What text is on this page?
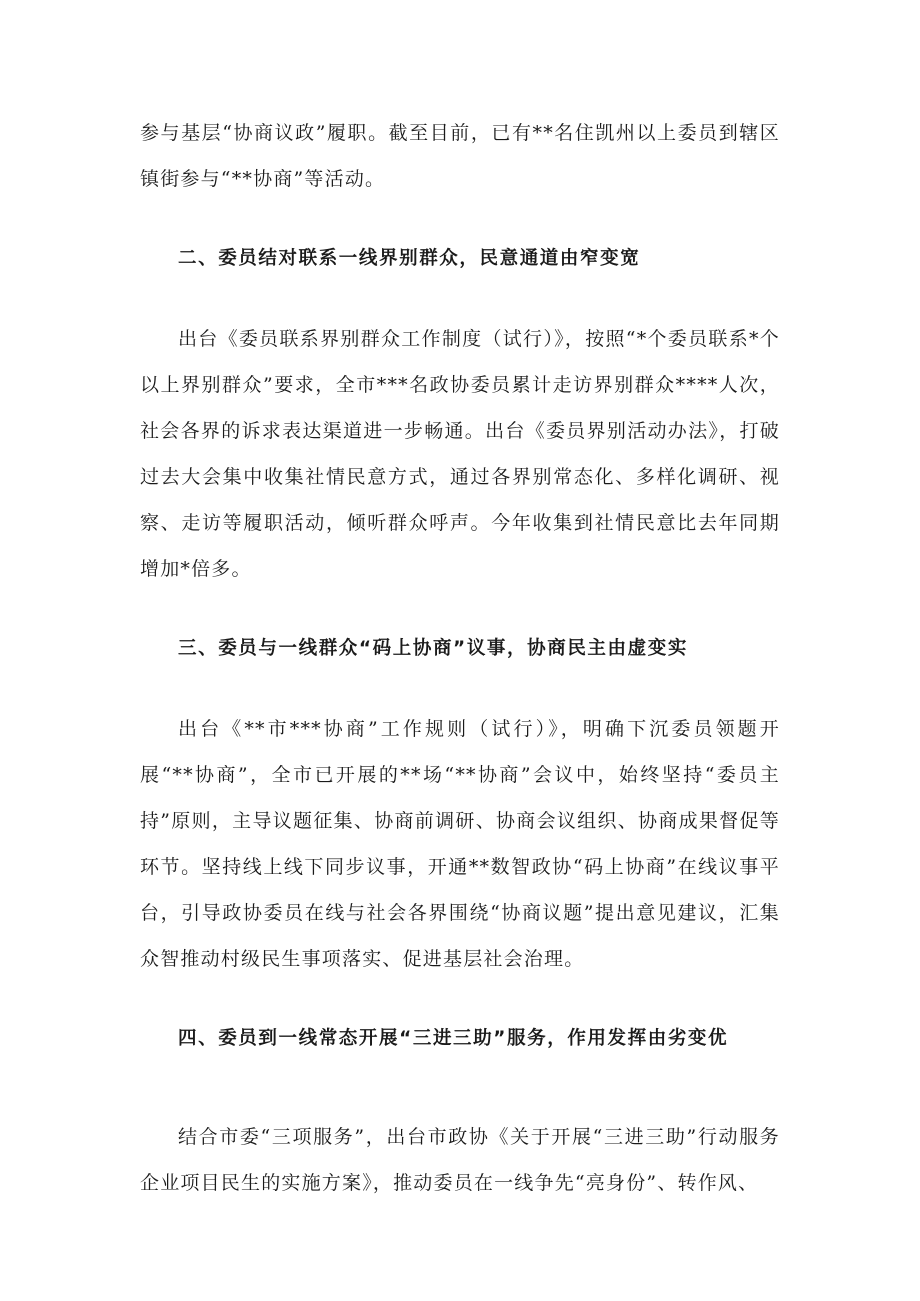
参与基层“协商议政”履职。截至目前，已有**名住凯州以上委员到辖区镇街参与“**协商”等活动。

二、委员结对联系一线界别群众，民意通道由窄变宽

出台《委员联系界别群众工作制度（试行）》，按照“*个委员联系*个以上界别群众”要求，全市***名政协委员累计走访界别群众****人次，社会各界的诉求表达渠道进一步畅通。出台《委员界别活动办法》，打破过去大会集中收集社情民意方式，通过各界别常态化、多样化调研、视察、走访等履职活动，倾听群众呼声。今年收集到社情民意比去年同期增加*倍多。

三、委员与一线群众“码上协商”议事，协商民主由虚变实

出台《**市***协商”工作规则（试行）》，明确下沉委员领题开展“**协商”，全市已开展的**场“**协商”会议中，始终坚持“委员主持”原则，主导议题征集、协商前调研、协商会议组织、协商成果督促等环节。坚持线上线下同步议事，开通**数智政协“码上协商”在线议事平台，引导政协委员在线与社会各界围绕“协商议题”提出意见建议，汇集众智推动村级民生事项落实、促进基层社会治理。

四、委员到一线常态开展“三进三助”服务，作用发挥由劣变优

结合市委“三项服务”，出台市政协《关于开展“三进三助”行动服务企业项目民生的实施方案》，推动委员在一线争先“亮身份”、转作风、
